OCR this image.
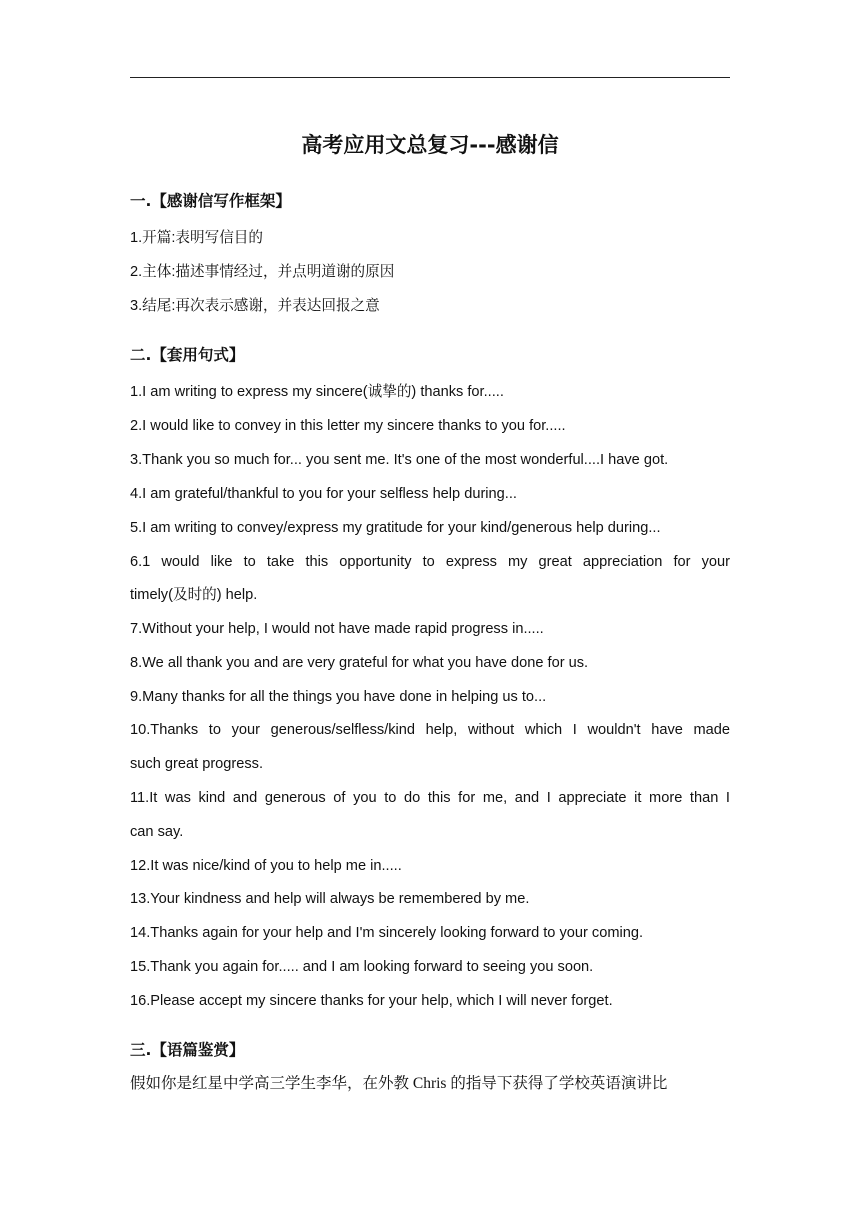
高考应用文总复习---感谢信
一.【感谢信写作框架】
1.开篇:表明写信目的
2.主体:描述事情经过，并点明道谢的原因
3.结尾:再次表示感谢，并表达回报之意
二.【套用句式】
1.I am writing to express my sincere(诚挚的) thanks for.....
2.I would like to convey in this letter my sincere thanks to you for.....
3.Thank you so much for... you sent me. It's one of the most wonderful....I have got.
4.I am grateful/thankful to you for your selfless help during...
5.I am writing to convey/express my gratitude for your kind/generous help during...
6.1 would like to take this opportunity to express my great appreciation for your
timely(及时的) help.
7.Without your help, I would not have made rapid progress in.....
8.We all thank you and are very grateful for what you have done for us.
9.Many thanks for all the things you have done in helping us to...
10.Thanks to your generous/selfless/kind help, without which I wouldn't have made
such great progress.
11.It was kind and generous of you to do this for me, and I appreciate it more than I
can say.
12.It was nice/kind of you to help me in.....
13.Your kindness and help will always be remembered by me.
14.Thanks again for your help and I'm sincerely looking forward to your coming.
15.Thank you again for..... and I am looking forward to seeing you soon.
16.Please accept my sincere thanks for your help, which I will never forget.
三.【语篇鉴赏】
假如你是红星中学高三学生李华，在外教 Chris 的指导下获得了学校英语演讲比
